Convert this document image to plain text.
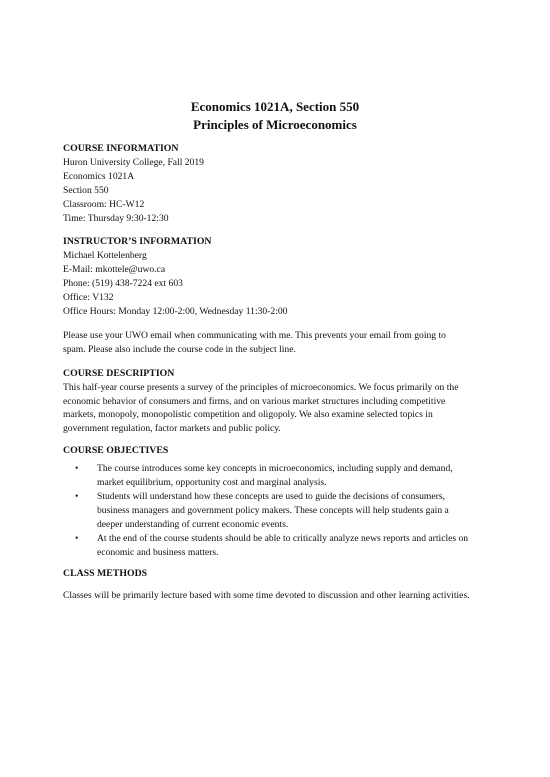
Economics 1021A, Section 550
Principles of Microeconomics
COURSE INFORMATION
Huron University College, Fall 2019
Economics 1021A
Section 550
Classroom: HC-W12
Time: Thursday 9:30-12:30
INSTRUCTOR’S INFORMATION
Michael Kottelenberg
E-Mail: mkottele@uwo.ca
Phone: (519) 438-7224 ext 603
Office: V132
Office Hours: Monday 12:00-2:00, Wednesday 11:30-2:00
Please use your UWO email when communicating with me. This prevents your email from going to
spam. Please also include the course code in the subject line.
COURSE DESCRIPTION
This half-year course presents a survey of the principles of microeconomics. We focus primarily on the
economic behavior of consumers and firms, and on various market structures including competitive
markets, monopoly, monopolistic competition and oligopoly. We also examine selected topics in
government regulation, factor markets and public policy.
COURSE OBJECTIVES
• The course introduces some key concepts in microeconomics, including supply and demand,
market equilibrium, opportunity cost and marginal analysis.
• Students will understand how these concepts are used to guide the decisions of consumers,
business managers and government policy makers. These concepts will help students gain a
deeper understanding of current economic events.
• At the end of the course students should be able to critically analyze news reports and articles on
economic and business matters.
CLASS METHODS
Classes will be primarily lecture based with some time devoted to discussion and other learning activities.
